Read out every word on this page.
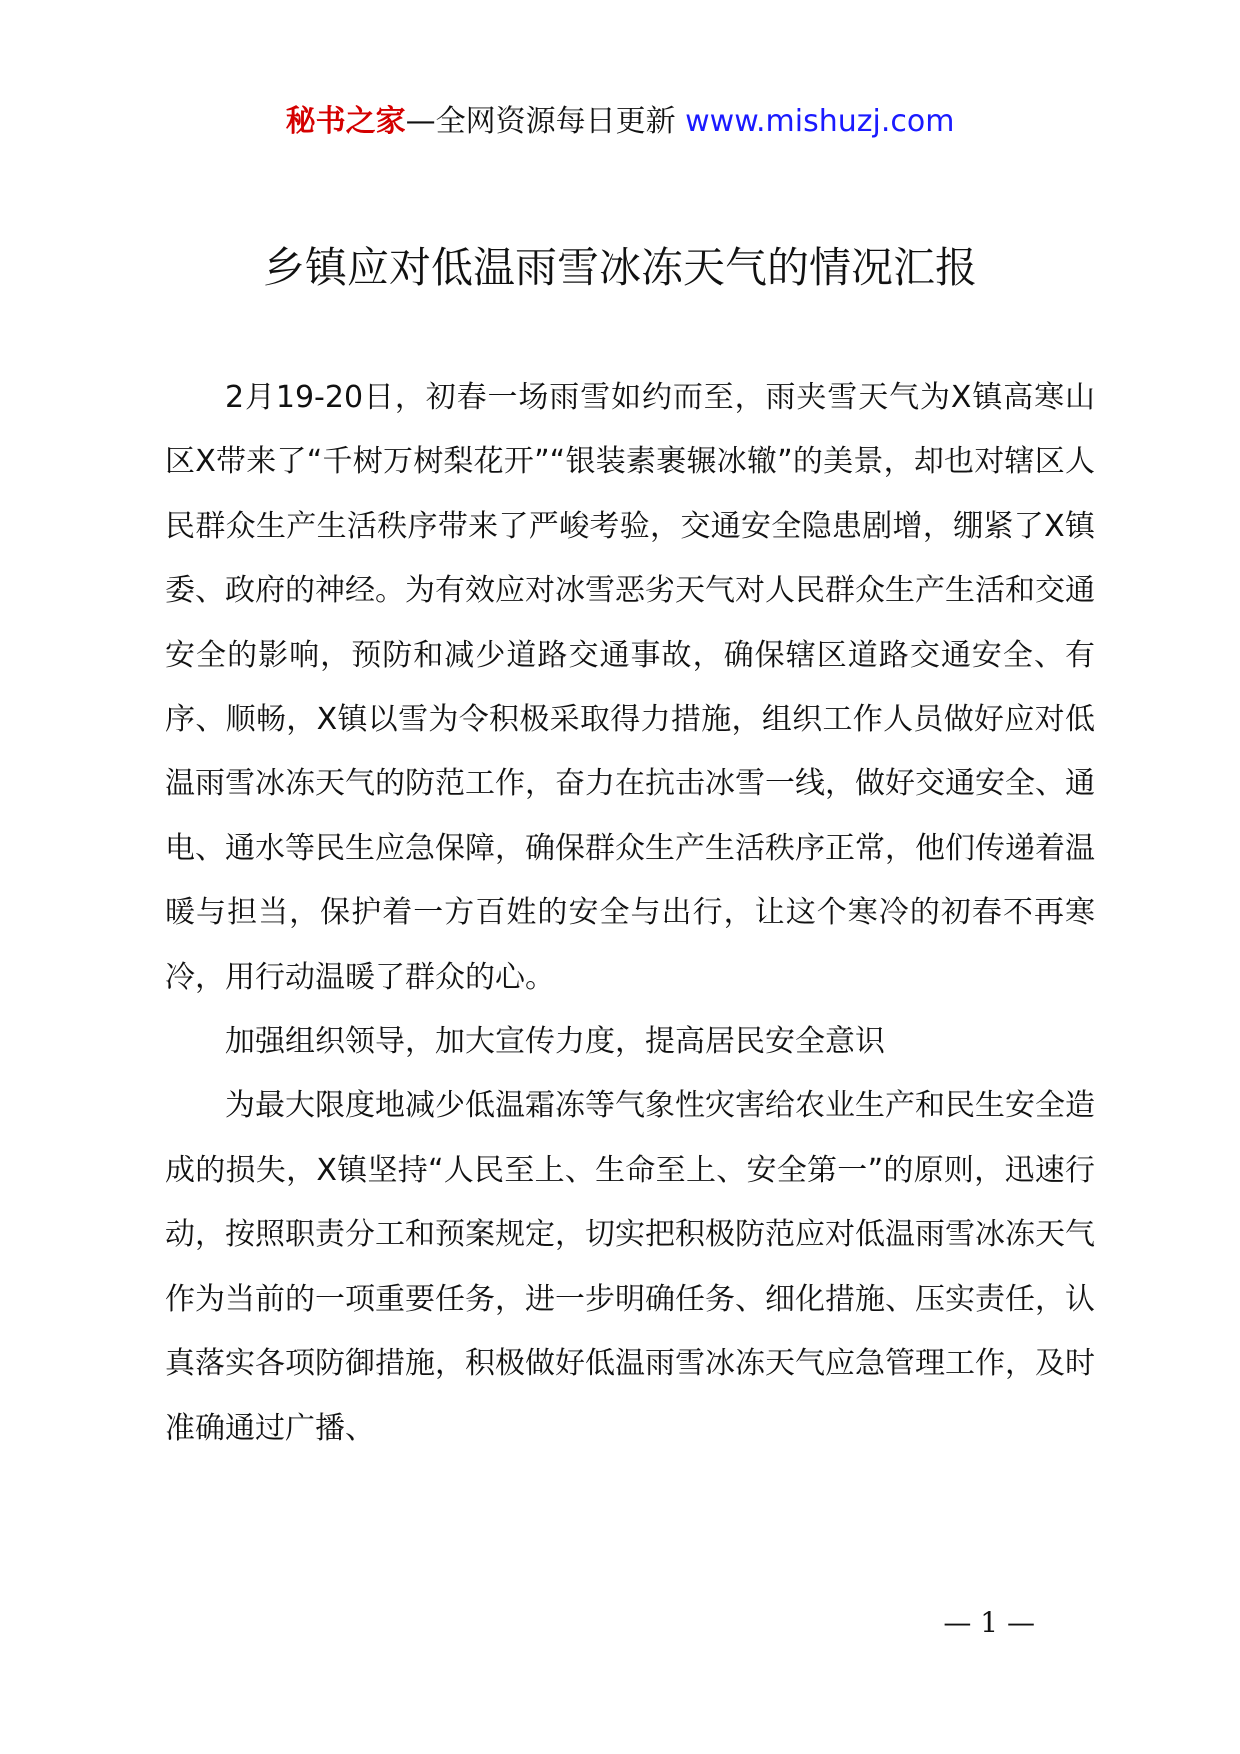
秘书之家—全网资源每日更新 www.mishuzj.com
乡镇应对低温雨雪冰冻天气的情况汇报

2月19-20日，初春一场雨雪如约而至，雨夹雪天气为X镇高寒山区X带来了“千树万树梨花开”“银装素裹辗冰辙”的美景，却也对辖区人民群众生产生活秩序带来了严峻考验，交通安全隐患剧增，绷紧了X镇委、政府的神经。为有效应对冰雪恶劣天气对人民群众生产生活和交通安全的影响，预防和减少道路交通事故，确保辖区道路交通安全、有序、顺畅，X镇以雪为令积极采取得力措施，组织工作人员做好应对低温雨雪冰冻天气的防范工作，奋力在抗击冰雪一线，做好交通安全、通电、通水等民生应急保障，确保群众生产生活秩序正常，他们传递着温暖与担当，保护着一方百姓的安全与出行，让这个寒冷的初春不再寒冷，用行动温暖了群众的心。

加强组织领导，加大宣传力度，提高居民安全意识

为最大限度地减少低温霜冻等气象性灾害给农业生产和民生安全造成的损失，X镇坚持“人民至上、生命至上、安全第一”的原则，迅速行动，按照职责分工和预案规定，切实把积极防范应对低温雨雪冰冻天气作为当前的一项重要任务，进一步明确任务、细化措施、压实责任，认真落实各项防御措施，积极做好低温雨雪冰冻天气应急管理工作，及时准确通过广播、

— 1 —
